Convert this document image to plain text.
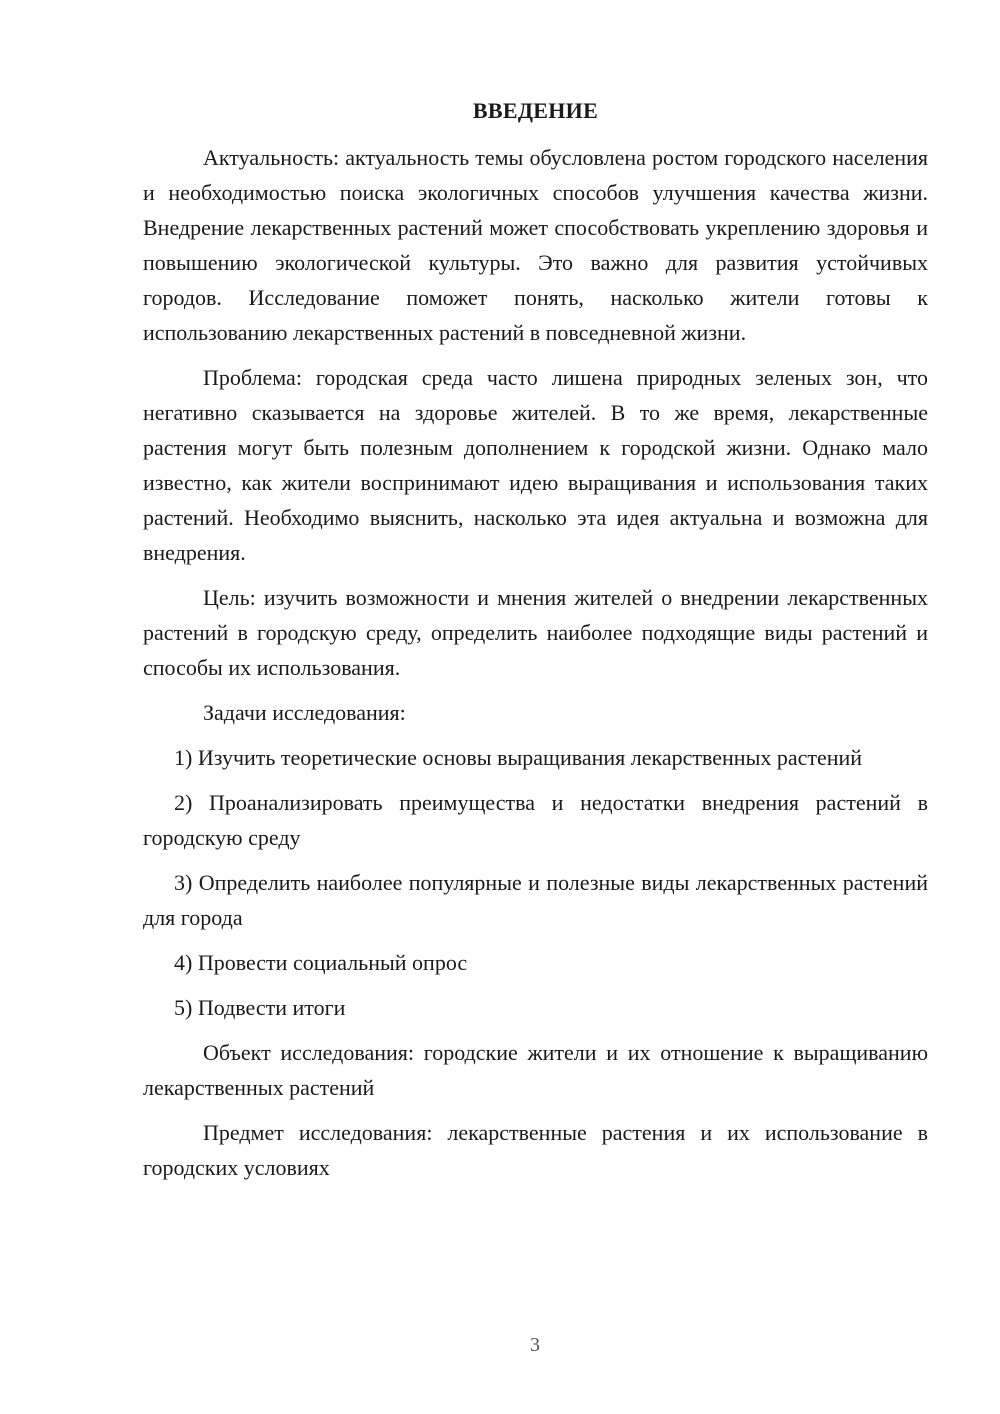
ВВЕДЕНИЕ

Актуальность: актуальность темы обусловлена ростом городского населения и необходимостью поиска экологичных способов улучшения качества жизни. Внедрение лекарственных растений может способствовать укреплению здоровья и повышению экологической культуры. Это важно для развития устойчивых городов. Исследование поможет понять, насколько жители готовы к использованию лекарственных растений в повседневной жизни.

Проблема: городская среда часто лишена природных зеленых зон, что негативно сказывается на здоровье жителей. В то же время, лекарственные растения могут быть полезным дополнением к городской жизни. Однако мало известно, как жители воспринимают идею выращивания и использования таких растений. Необходимо выяснить, насколько эта идея актуальна и возможна для внедрения.

Цель: изучить возможности и мнения жителей о внедрении лекарственных растений в городскую среду, определить наиболее подходящие виды растений и способы их использования.

Задачи исследования:

1) Изучить теоретические основы выращивания лекарственных растений

2) Проанализировать преимущества и недостатки внедрения растений в городскую среду

3) Определить наиболее популярные и полезные виды лекарственных растений для города

4) Провести социальный опрос

5) Подвести итоги

Объект исследования: городские жители и их отношение к выращиванию лекарственных растений

Предмет исследования: лекарственные растения и их использование в городских условиях

3
